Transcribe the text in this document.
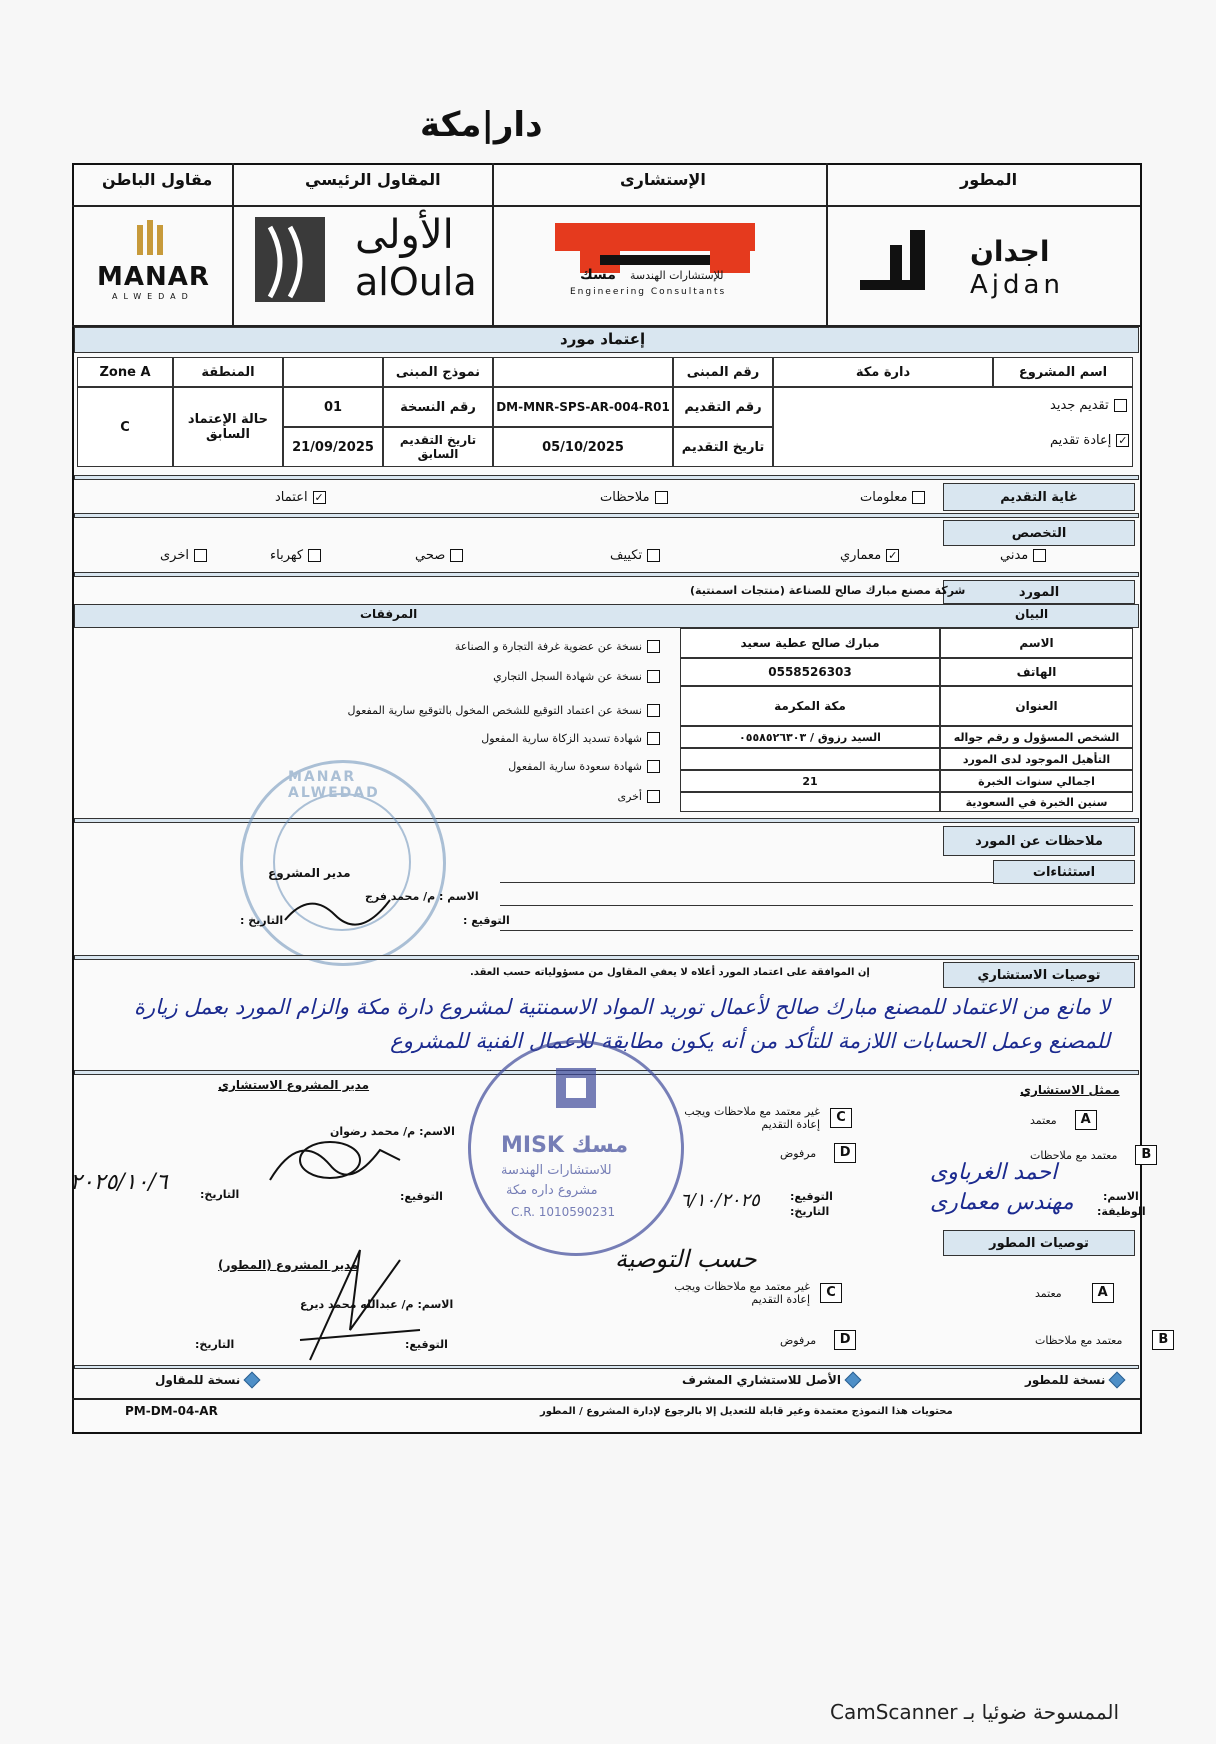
دار|مكة
المطور
الإستشارى
المقاول الرئيسي
مقاول الباطن
اجدان
Ajdan
مسك للإستشارات الهندسة
Engineering Consultants
الأولى
alOula
MANAR
ALWEDAD
إعتماد مورد
اسم المشروع
دارة مكة
رقم المبنى
نموذج المبنى
المنطقة
Zone A
تقديم جديد
✓
إعادة تقديم
رقم التقديم
DM-MNR-SPS-AR-004-R01
رقم النسخة
01
حالة الإعتماد السابق
C
تاريخ التقديم
05/10/2025
تاريخ التقديم السابق
21/09/2025
غاية التقديم
معلومات
ملاحظات
✓
اعتماد
التخصص
مدني
✓
معماري
تكييف
صحي
كهرباء
اخرى
المورد
شركة مصنع مبارك صالح للصناعة (منتجات اسمنتية)
البيان
المرفقات
الاسم
مبارك صالح عطية سعيد
الهاتف
0558526303
العنوان
مكة المكرمة
الشخص المسؤول و رقم جواله
السيد رزوق / ٠٥٥٨٥٢٦٣٠٣
التأهيل الموجود لدى المورد
اجمالي سنوات الخبرة
21
سنين الخبرة في السعودية
نسخة عن عضوية غرفة التجارة و الصناعة
نسخة عن شهادة السجل التجاري
نسخة عن اعتماد التوقيع للشخص المخول بالتوقيع سارية المفعول
شهادة تسديد الزكاة سارية المفعول
شهادة سعودة سارية المفعول
أخرى
ملاحظات عن المورد
استثناءات
MANAR ALWEDAD
مدير المشروع
الاسم : م/ محمد فرج
التوقيع :
التاريخ :
توصيات الاستشاري
إن الموافقة على اعتماد المورد أعلاه لا يعفي المقاول من مسؤولياته حسب العقد.
لا مانع من الاعتماد للمصنع مبارك صالح لأعمال توريد المواد الاسمنتية لمشروع دارة مكة والزام المورد بعمل زيارة للمصنع وعمل الحسابات اللازمة للتأكد من أنه يكون مطابقة للاعمال الفنية للمشروع
ممثل الاستشاري
A
معتمد
B
معتمد مع ملاحظات
C
غير معتمد مع ملاحظات ويجب إعادة التقديم
D
مرفوض
الاسم:
الوظيفة:
احمد الغرباوى
مهندس معمارى
التوقيع:
التاريخ:
٦/١٠/٢٠٢٥
مدير المشروع الاستشاري
الاسم: م/ محمد رضوان
التوقيع:
التاريخ:
٢٠٢٥/١٠/٦
MISK مسك
للاستشارات الهندسة
مشروع داره مكة
C.R. 1010590231
توصيات المطور
A
معتمد
B
معتمد مع ملاحظات
C
غير معتمد مع ملاحظات ويجب إعادة التقديم
D
مرفوض
حسب التوصية
مدير المشروع (المطور)
الاسم: م/ عبدالله محمد ديرع
التوقيع:
التاريخ:
نسخة للمطور
الأصل للاستشاري المشرف
نسخة للمقاول
محتويات هذا النموذج معتمدة وغير قابلة للتعديل إلا بالرجوع لإدارة المشروع / المطور
PM-DM-04-AR
الممسوحة ضوئيا بـ CamScanner
